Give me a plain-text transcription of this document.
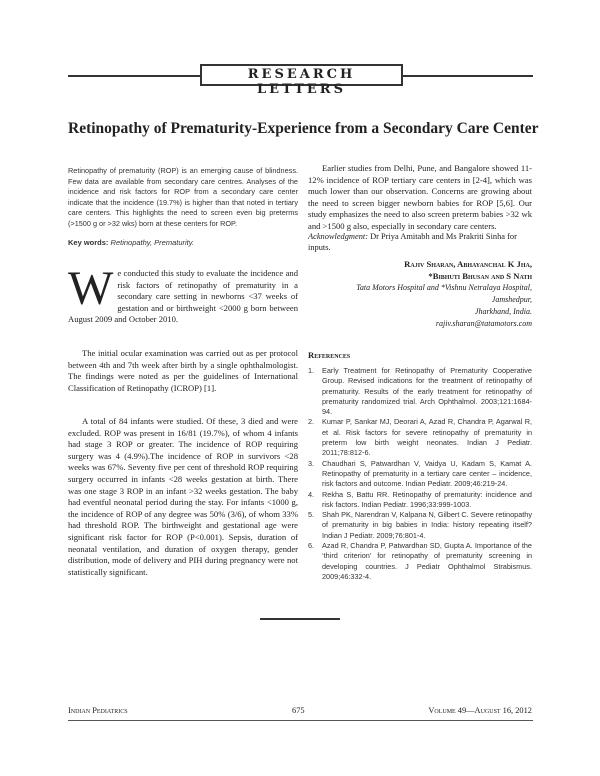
RESEARCH LETTERS
Retinopathy of Prematurity-Experience from a Secondary Care Center
Retinopathy of prematurity (ROP) is an emerging cause of blindness. Few data are available from secondary care centres. Analyses of the incidence and risk factors for ROP from a secondary care center indicate that the incidence (19.7%) is higher than that noted in tertiary care centers. This highlights the need to screen even big preterms (>1500 g or >32 wks) born at these centers for ROP.
Key words: Retinopathy, Prematurity.
We conducted this study to evaluate the incidence and risk factors of retinopathy of prematurity in a secondary care setting in newborns <37 weeks of gestation and or birthweight <2000 g born between August 2009 and October 2010.
The initial ocular examination was carried out as per protocol between 4th and 7th week after birth by a single ophthalmologist. The findings were noted as per the guidelines of International Classification of Retinopathy (ICROP) [1].
A total of 84 infants were studied. Of these, 3 died and were excluded. ROP was present in 16/81 (19.7%), of whom 4 infants had stage 3 ROP or greater. The incidence of ROP requiring surgery was 4 (4.9%).The incidence of ROP in survivors <28 weeks was 67%. Seventy five per cent of threshold ROP requiring surgery occurred in infants <28 weeks gestation at birth. There was one stage 3 ROP in an infant >32 weeks gestation. The baby had eventful neonatal period during the stay. For infants <1000 g, the incidence of ROP of any degree was 50% (3/6), of whom 33% had threshold ROP. The birthweight and gestational age were significant risk factor for ROP (P<0.001). Sepsis, duration of neonatal ventilation, and duration of oxygen therapy, gender distribution, mode of delivery and PIH during pregnancy were not statistically significant.
Earlier studies from Delhi, Pune, and Bangalore showed 11-12% incidence of ROP tertiary care centers in [2-4], which was much lower than our observation. Concerns are growing about the need to screen bigger newborn babies for ROP [5,6]. Our study emphasizes the need to also screen preterm babies >32 wk and >1500 g also, especially in secondary care centers.
Acknowledgment: Dr Priya Amitabh and Ms Prakriti Sinha for inputs.
Rajiv Sharan, Abhayanchal K Jha,
*Bibhuti Bhusan and S Nath
Tata Motors Hospital and *Vishnu Netralaya Hospital,
Jamshedpur,
Jharkhand, India.
rajiv.sharan@tatamotors.com
References
1. Early Treatment for Retinopathy of Prematurity Cooperative Group. Revised indications for the treatment of retinopathy of prematurity. Results of the early treatment for retinopathy of prematurity randomized trial. Arch Ophthalmol. 2003;121:1684-94.
2. Kumar P, Sankar MJ, Deorari A, Azad R, Chandra P, Agarwal R, et al. Risk factors for severe retinopathy of prematurity in preterm low birth weight neonates. Indian J Pediatr. 2011;78:812-6.
3. Chaudhari S, Patwardhan V, Vaidya U, Kadam S, Kamat A. Retinopathy of prematurity in a tertiary care center – incidence, risk factors and outcome. Indian Pediatr. 2009;46:219-24.
4. Rekha S, Battu RR. Retinopathy of prematurity: incidence and risk factors. Indian Pediatr. 1996;33:999-1003.
5. Shah PK, Narendran V, Kalpana N, Gilbert C. Severe retinopathy of prematurity in big babies in India: history repeating itself? Indian J Pediatr. 2009;76:801-4.
6. Azad R, Chandra P, Patwardhan SD, Gupta A. Importance of the ‘third criterion’ for retinopathy of prematurity screening in developing countries. J Pediatr Ophthalmol Strabismus. 2009;46:332-4.
Indian Pediatrics	675	Volume 49—August 16, 2012
